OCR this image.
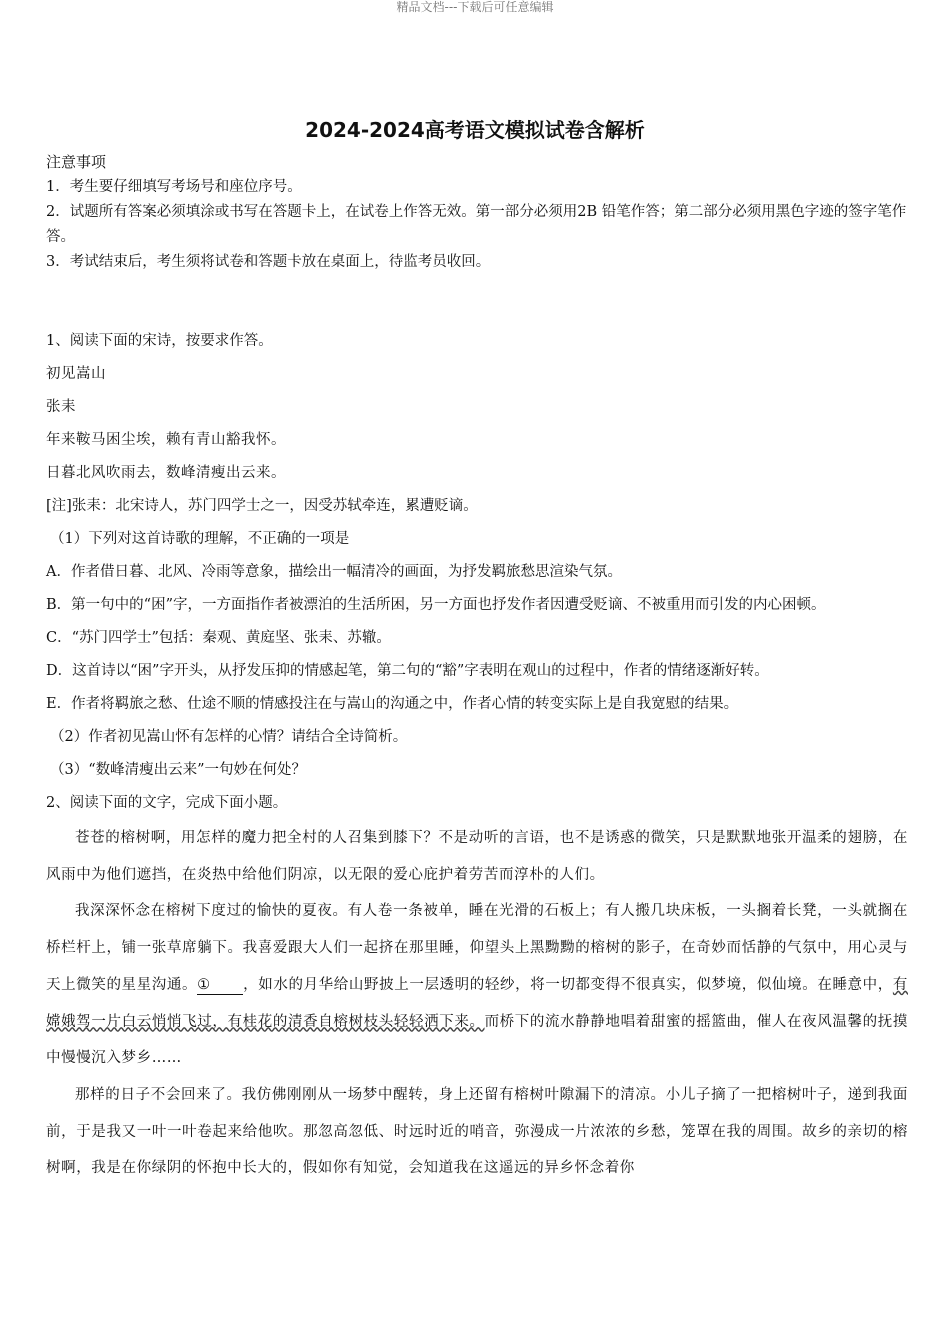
精品文档---下载后可任意编辑
2024-2024高考语文模拟试卷含解析
注意事项
1．考生要仔细填写考场号和座位序号。
2．试题所有答案必须填涂或书写在答题卡上，在试卷上作答无效。第一部分必须用2B 铅笔作答；第二部分必须用黑色字迹的签字笔作答。
3．考试结束后，考生须将试卷和答题卡放在桌面上，待监考员收回。
1、阅读下面的宋诗，按要求作答。
初见嵩山
张耒
年来鞍马困尘埃，赖有青山豁我怀。
日暮北风吹雨去，数峰清瘦出云来。
[注]张耒：北宋诗人，苏门四学士之一，因受苏轼牵连，累遭贬谪。
（1）下列对这首诗歌的理解，不正确的一项是
A．作者借日暮、北风、冷雨等意象，描绘出一幅清冷的画面，为抒发羁旅愁思渲染气氛。
B．第一句中的“困”字，一方面指作者被漂泊的生活所困，另一方面也抒发作者因遭受贬谪、不被重用而引发的内心困顿。
C．“苏门四学士”包括：秦观、黄庭坚、张耒、苏辙。
D．这首诗以“困”字开头，从抒发压抑的情感起笔，第二句的“豁”字表明在观山的过程中，作者的情绪逐渐好转。
E．作者将羁旅之愁、仕途不顺的情感投注在与嵩山的沟通之中，作者心情的转变实际上是自我宽慰的结果。
（2）作者初见嵩山怀有怎样的心情？请结合全诗简析。
（3）“数峰清瘦出云来”一句妙在何处？
2、阅读下面的文字，完成下面小题。

苍苍的榕树啊，用怎样的魔力把全村的人召集到膝下？不是动听的言语，也不是诱惑的微笑，只是默默地张开温柔的翅膀，在风雨中为他们遮挡，在炎热中给他们阴凉，以无限的爱心庇护着劳苦而淳朴的人们。

我深深怀念在榕树下度过的愉快的夏夜。有人卷一条被单，睡在光滑的石板上；有人搬几块床板，一头搁着长凳，一头就搁在桥栏杆上，铺一张草席躺下。我喜爱跟大人们一起挤在那里睡，仰望头上黑黝黝的榕树的影子，在奇妙而恬静的气氛中，用心灵与天上微笑的星星沟通。① ，如水的月华给山野披上一层透明的轻纱，将一切都变得不很真实，似梦境，似仙境。在睡意中，有嫦娥驾一片白云悄悄飞过，有桂花的清香自榕树枝头轻轻洒下来。而桥下的流水静静地唱着甜蜜的摇篮曲，催人在夜风温馨的抚摸中慢慢沉入梦乡……

那样的日子不会回来了。我仿佛刚刚从一场梦中醒转，身上还留有榕树叶隙漏下的清凉。小儿子摘了一把榕树叶子，递到我面前，于是我又一叶一叶卷起来给他吹。那忽高忽低、时远时近的哨音，弥漫成一片浓浓的乡愁，笼罩在我的周围。故乡的亲切的榕树啊，我是在你绿阴的怀抱中长大的，假如你有知觉，会知道我在这遥远的异乡怀念着你
